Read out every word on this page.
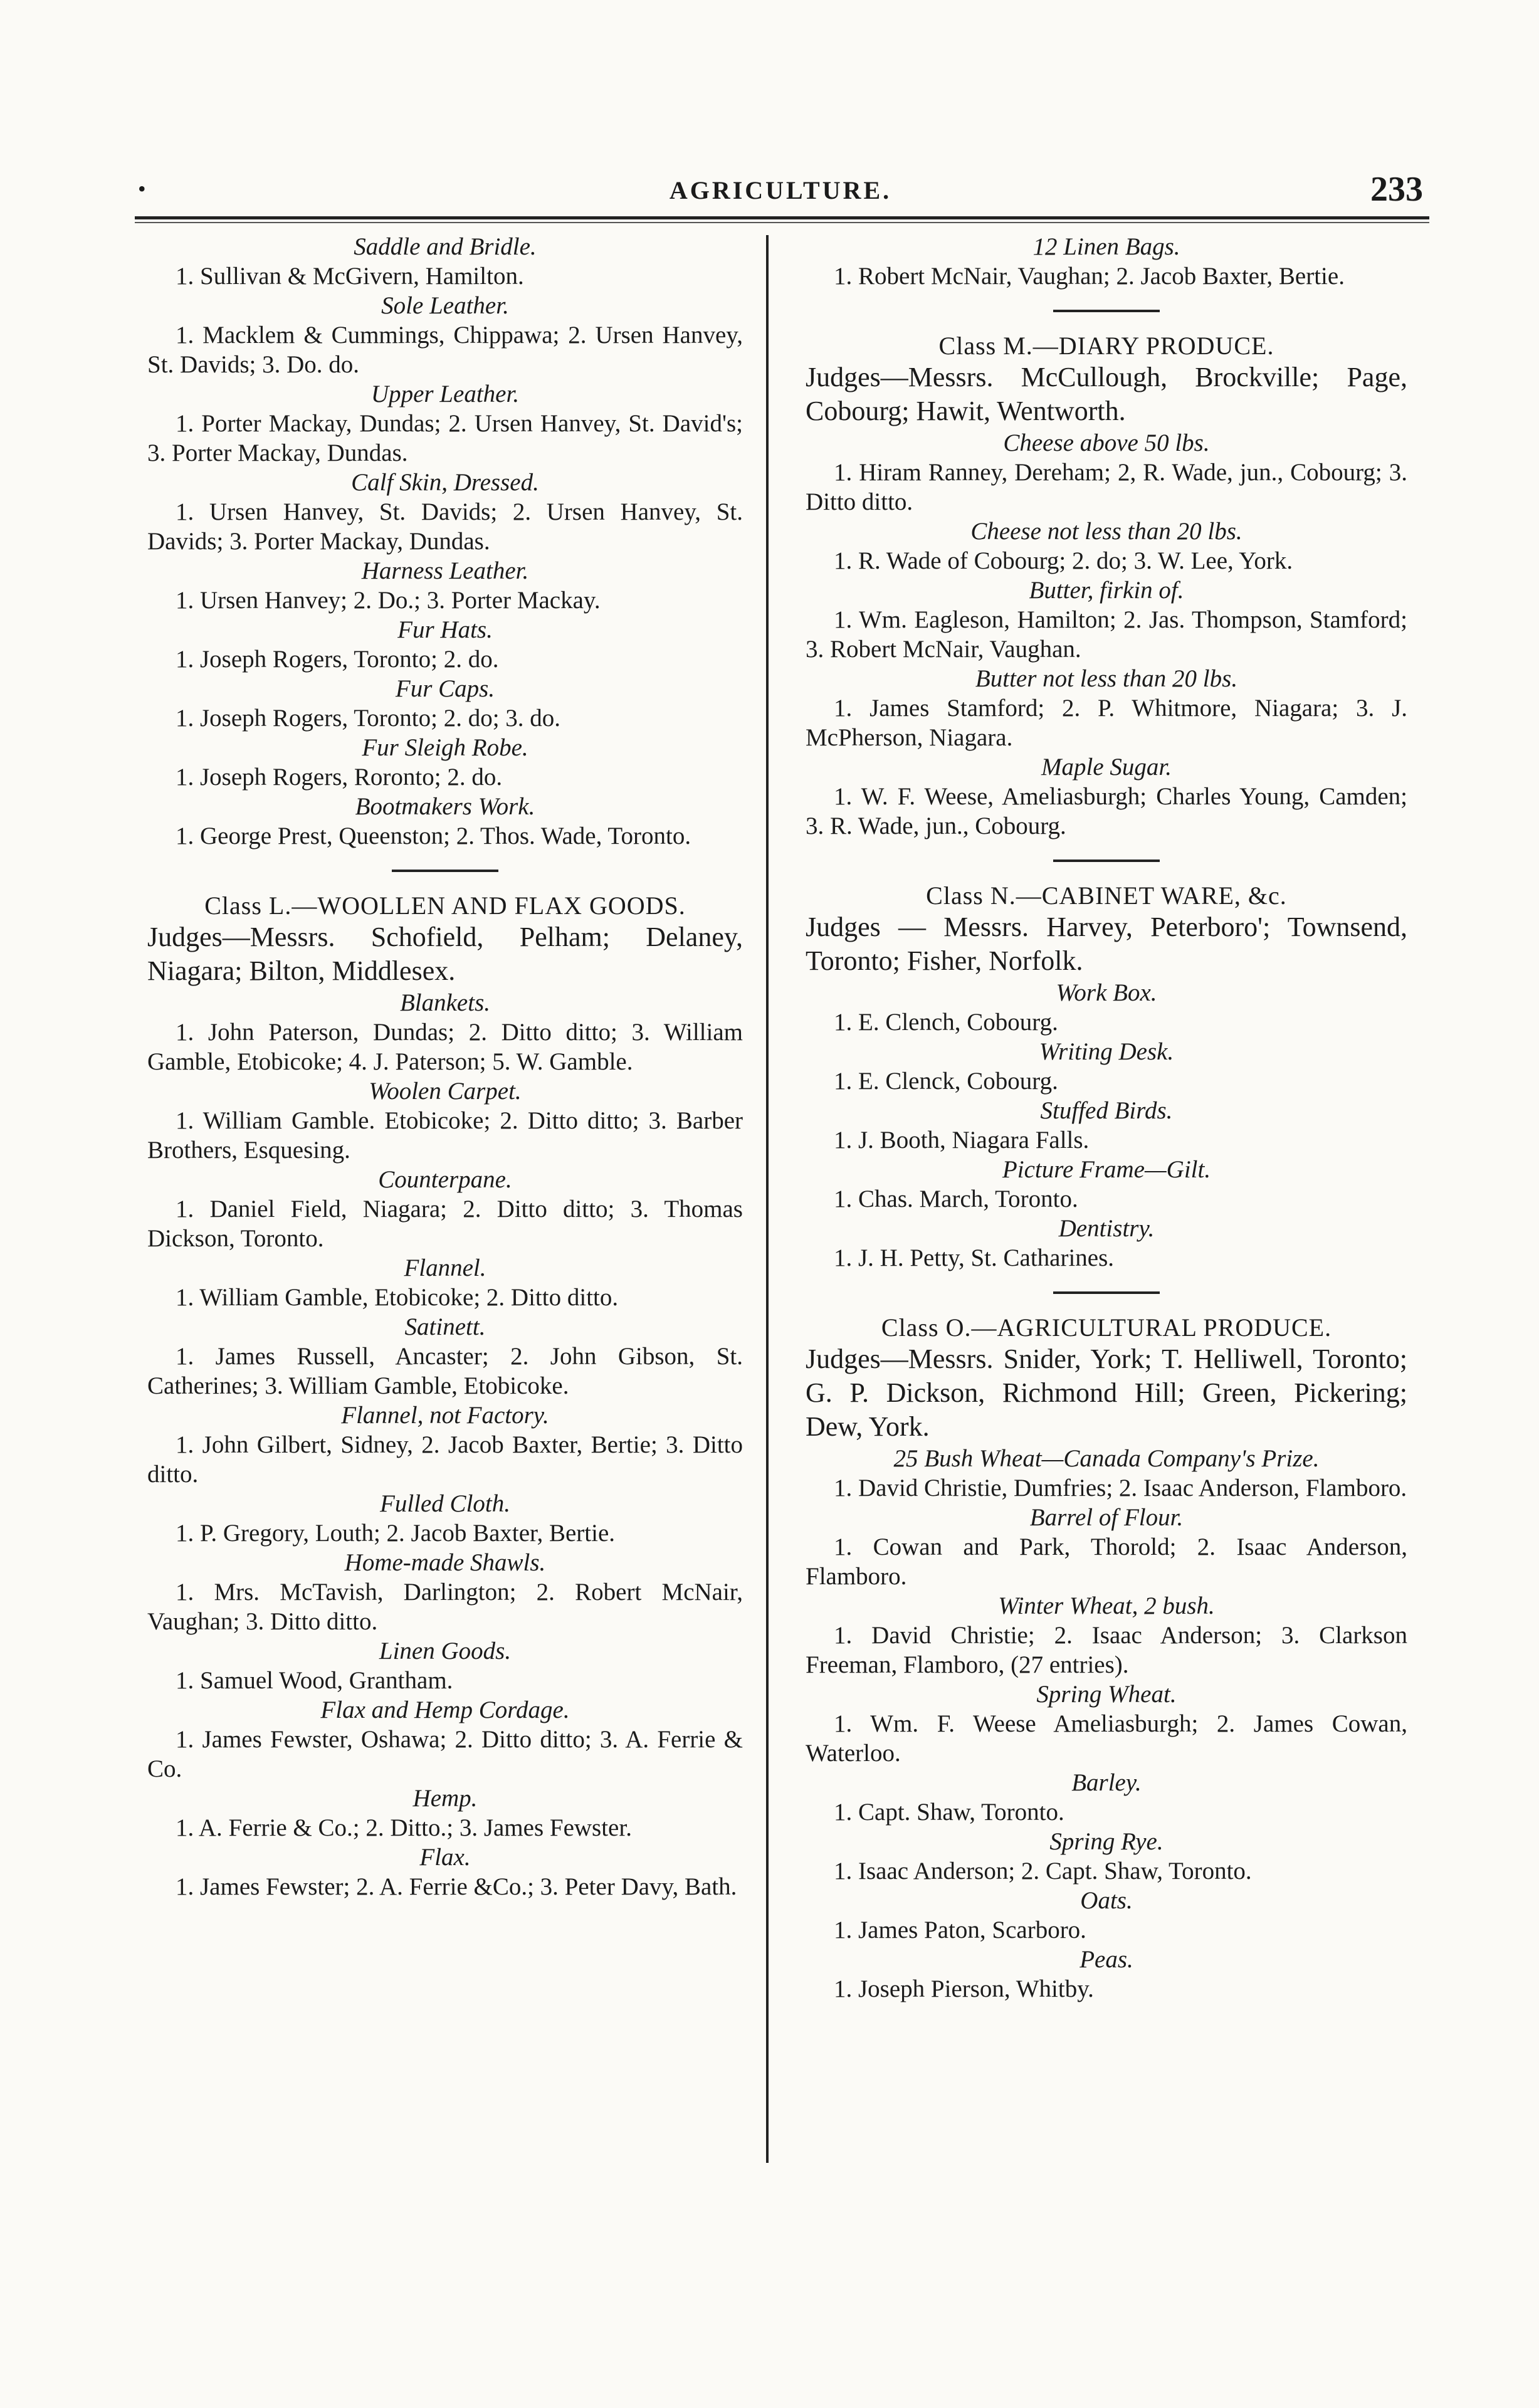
•	AGRICULTURE.	233
Saddle and Bridle.
1. Sullivan & McGivern, Hamilton.
Sole Leather.
1. Macklem & Cummings, Chippawa; 2. Ursen Hanvey, St. Davids; 3. Do. do.
Upper Leather.
1. Porter Mackay, Dundas; 2. Ursen Hanvey, St. David's; 3. Porter Mackay, Dundas.
Calf Skin, Dressed.
1. Ursen Hanvey, St. Davids; 2. Ursen Hanvey, St. Davids; 3. Porter Mackay, Dundas.
Harness Leather.
1. Ursen Hanvey; 2. Do.; 3. Porter Mackay.
Fur Hats.
1. Joseph Rogers, Toronto; 2. do.
Fur Caps.
1. Joseph Rogers, Toronto; 2. do; 3. do.
Fur Sleigh Robe.
1. Joseph Rogers, Roronto; 2. do.
Bootmakers Work.
1. George Prest, Queenston; 2. Thos. Wade, Toronto.
Class L.—WOOLLEN AND FLAX GOODS.
Judges—Messrs. Schofield, Pelham; Delaney, Niagara; Bilton, Middlesex.
Blankets.
1. John Paterson, Dundas; 2. Ditto ditto; 3. William Gamble, Etobicoke; 4. J. Paterson; 5. W. Gamble.
Woolen Carpet.
1. William Gamble. Etobicoke; 2. Ditto ditto; 3. Barber Brothers, Esquesing.
Counterpane.
1. Daniel Field, Niagara; 2. Ditto ditto; 3. Thomas Dickson, Toronto.
Flannel.
1. William Gamble, Etobicoke; 2. Ditto ditto.
Satinett.
1. James Russell, Ancaster; 2. John Gibson, St. Catherines; 3. William Gamble, Etobicoke.
Flannel, not Factory.
1. John Gilbert, Sidney, 2. Jacob Baxter, Bertie; 3. Ditto ditto.
Fulled Cloth.
1. P. Gregory, Louth; 2. Jacob Baxter, Bertie.
Home-made Shawls.
1. Mrs. McTavish, Darlington; 2. Robert McNair, Vaughan; 3. Ditto ditto.
Linen Goods.
1. Samuel Wood, Grantham.
Flax and Hemp Cordage.
1. James Fewster, Oshawa; 2. Ditto ditto; 3. A. Ferrie & Co.
Hemp.
1. A. Ferrie & Co.; 2. Ditto.; 3. James Fewster.
Flax.
1. James Fewster; 2. A. Ferrie &Co.; 3. Peter Davy, Bath.
12 Linen Bags.
1. Robert McNair, Vaughan; 2. Jacob Baxter, Bertie.
Class M.—DIARY PRODUCE.
Judges—Messrs. McCullough, Brockville; Page, Cobourg; Hawit, Wentworth.
Cheese above 50 lbs.
1. Hiram Ranney, Dereham; 2, R. Wade, jun., Cobourg; 3. Ditto ditto.
Cheese not less than 20 lbs.
1. R. Wade of Cobourg; 2. do; 3. W. Lee, York.
Butter, firkin of.
1. Wm. Eagleson, Hamilton; 2. Jas. Thompson, Stamford; 3. Robert McNair, Vaughan.
Butter not less than 20 lbs.
1. James Stamford; 2. P. Whitmore, Niagara; 3. J. McPherson, Niagara.
Maple Sugar.
1. W. F. Weese, Ameliasburgh; Charles Young, Camden; 3. R. Wade, jun., Cobourg.
Class N.—CABINET WARE, &c.
Judges — Messrs. Harvey, Peterboro'; Townsend, Toronto; Fisher, Norfolk.
Work Box.
1. E. Clench, Cobourg.
Writing Desk.
1. E. Clenck, Cobourg.
Stuffed Birds.
1. J. Booth, Niagara Falls.
Picture Frame—Gilt.
1. Chas. March, Toronto.
Dentistry.
1. J. H. Petty, St. Catharines.
Class O.—AGRICULTURAL PRODUCE.
Judges—Messrs. Snider, York; T. Helliwell, Toronto; G. P. Dickson, Richmond Hill; Green, Pickering; Dew, York.
25 Bush Wheat—Canada Company's Prize.
1. David Christie, Dumfries; 2. Isaac Anderson, Flamboro.
Barrel of Flour.
1. Cowan and Park, Thorold; 2. Isaac Anderson, Flamboro.
Winter Wheat, 2 bush.
1. David Christie; 2. Isaac Anderson; 3. Clarkson Freeman, Flamboro, (27 entries).
Spring Wheat.
1. Wm. F. Weese Ameliasburgh; 2. James Cowan, Waterloo.
Barley.
1. Capt. Shaw, Toronto.
Spring Rye.
1. Isaac Anderson; 2. Capt. Shaw, Toronto.
Oats.
1. James Paton, Scarboro.
Peas.
1. Joseph Pierson, Whitby.
